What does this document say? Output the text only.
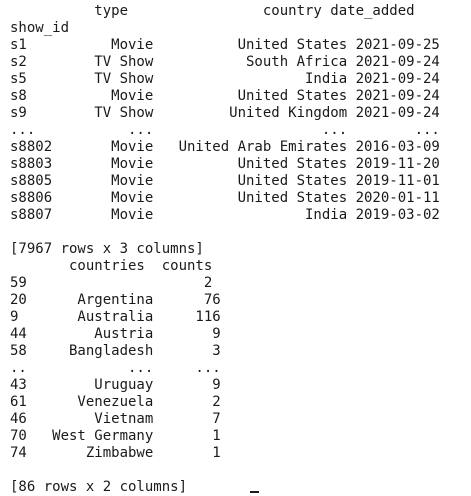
type                country date_added
show_id
s1          Movie          United States 2021-09-25
s2        TV Show           South Africa 2021-09-24
s5        TV Show                  India 2021-09-24
s8          Movie          United States 2021-09-24
s9        TV Show         United Kingdom 2021-09-24
...           ...                    ...        ...
s8802       Movie   United Arab Emirates 2016-03-09
s8803       Movie          United States 2019-11-20
s8805       Movie          United States 2019-11-01
s8806       Movie          United States 2020-01-11
s8807       Movie                  India 2019-03-02
[7967 rows x 3 columns]
countries  counts
59                     2
20      Argentina      76
9       Australia     116
44        Austria       9
58     Bangladesh       3
..            ...     ...
43        Uruguay       9
61      Venezuela       2
46        Vietnam       7
70   West Germany       1
74       Zimbabwe       1
[86 rows x 2 columns]
